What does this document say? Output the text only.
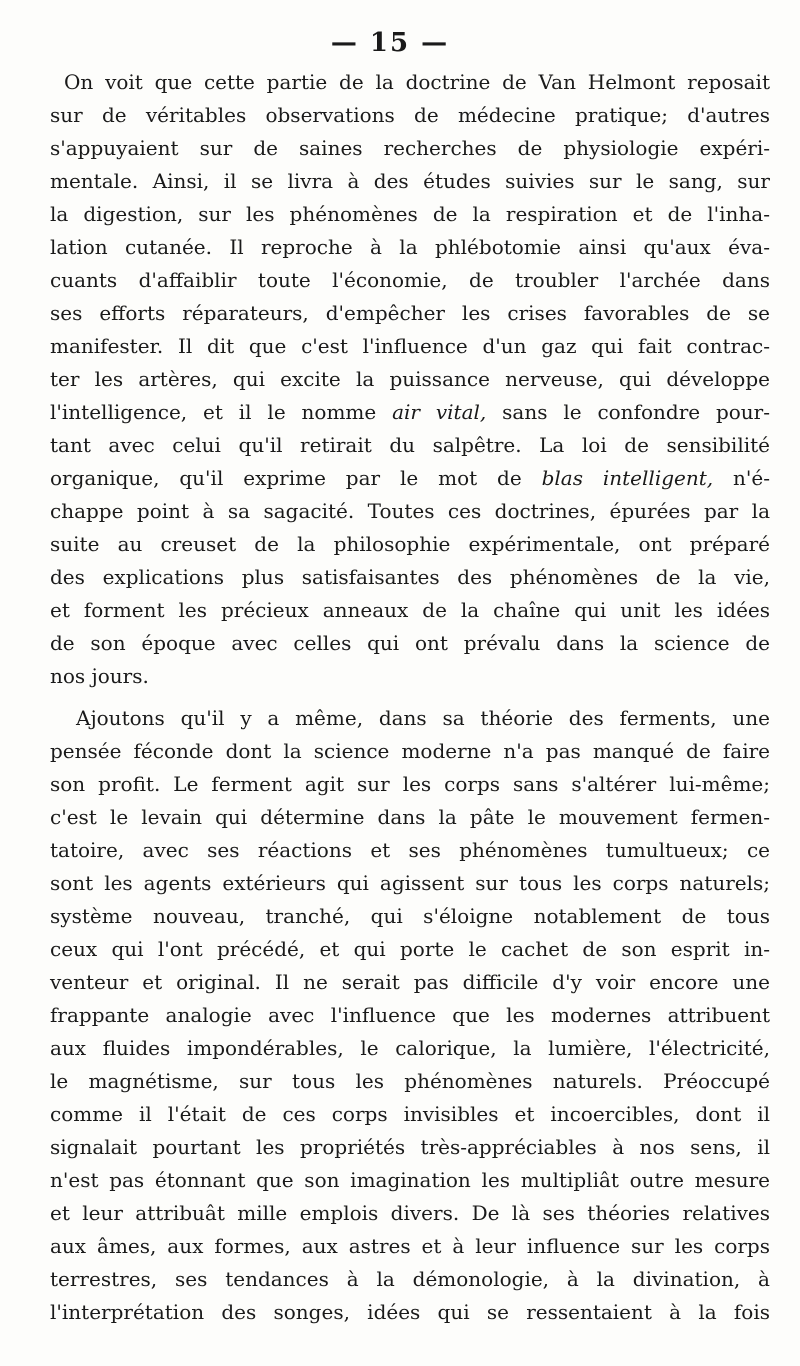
— 15 —
On voit que cette partie de la doctrine de Van Helmont reposait
sur de véritables observations de médecine pratique; d'autres
s'appuyaient sur de saines recherches de physiologie expéri-
mentale. Ainsi, il se livra à des études suivies sur le sang, sur
la digestion, sur les phénomènes de la respiration et de l'inha-
lation cutanée. Il reproche à la phlébotomie ainsi qu'aux éva-
cuants d'affaiblir toute l'économie, de troubler l'archée dans
ses efforts réparateurs, d'empêcher les crises favorables de se
manifester. Il dit que c'est l'influence d'un gaz qui fait contrac-
ter les artères, qui excite la puissance nerveuse, qui développe
l'intelligence, et il le nomme air vital, sans le confondre pour-
tant avec celui qu'il retirait du salpêtre. La loi de sensibilité
organique, qu'il exprime par le mot de blas intelligent, n'é-
chappe point à sa sagacité. Toutes ces doctrines, épurées par la
suite au creuset de la philosophie expérimentale, ont préparé
des explications plus satisfaisantes des phénomènes de la vie,
et forment les précieux anneaux de la chaîne qui unit les idées
de son époque avec celles qui ont prévalu dans la science de
nos jours.
Ajoutons qu'il y a même, dans sa théorie des ferments, une
pensée féconde dont la science moderne n'a pas manqué de faire
son profit. Le ferment agit sur les corps sans s'altérer lui-même;
c'est le levain qui détermine dans la pâte le mouvement fermen-
tatoire, avec ses réactions et ses phénomènes tumultueux; ce
sont les agents extérieurs qui agissent sur tous les corps naturels;
système nouveau, tranché, qui s'éloigne notablement de tous
ceux qui l'ont précédé, et qui porte le cachet de son esprit in-
venteur et original. Il ne serait pas difficile d'y voir encore une
frappante analogie avec l'influence que les modernes attribuent
aux fluides impondérables, le calorique, la lumière, l'électricité,
le magnétisme, sur tous les phénomènes naturels. Préoccupé
comme il l'était de ces corps invisibles et incoercibles, dont il
signalait pourtant les propriétés très-appréciables à nos sens, il
n'est pas étonnant que son imagination les multipliât outre mesure
et leur attribuât mille emplois divers. De là ses théories relatives
aux âmes, aux formes, aux astres et à leur influence sur les corps
terrestres, ses tendances à la démonologie, à la divination, à
l'interprétation des songes, idées qui se ressentaient à la fois
